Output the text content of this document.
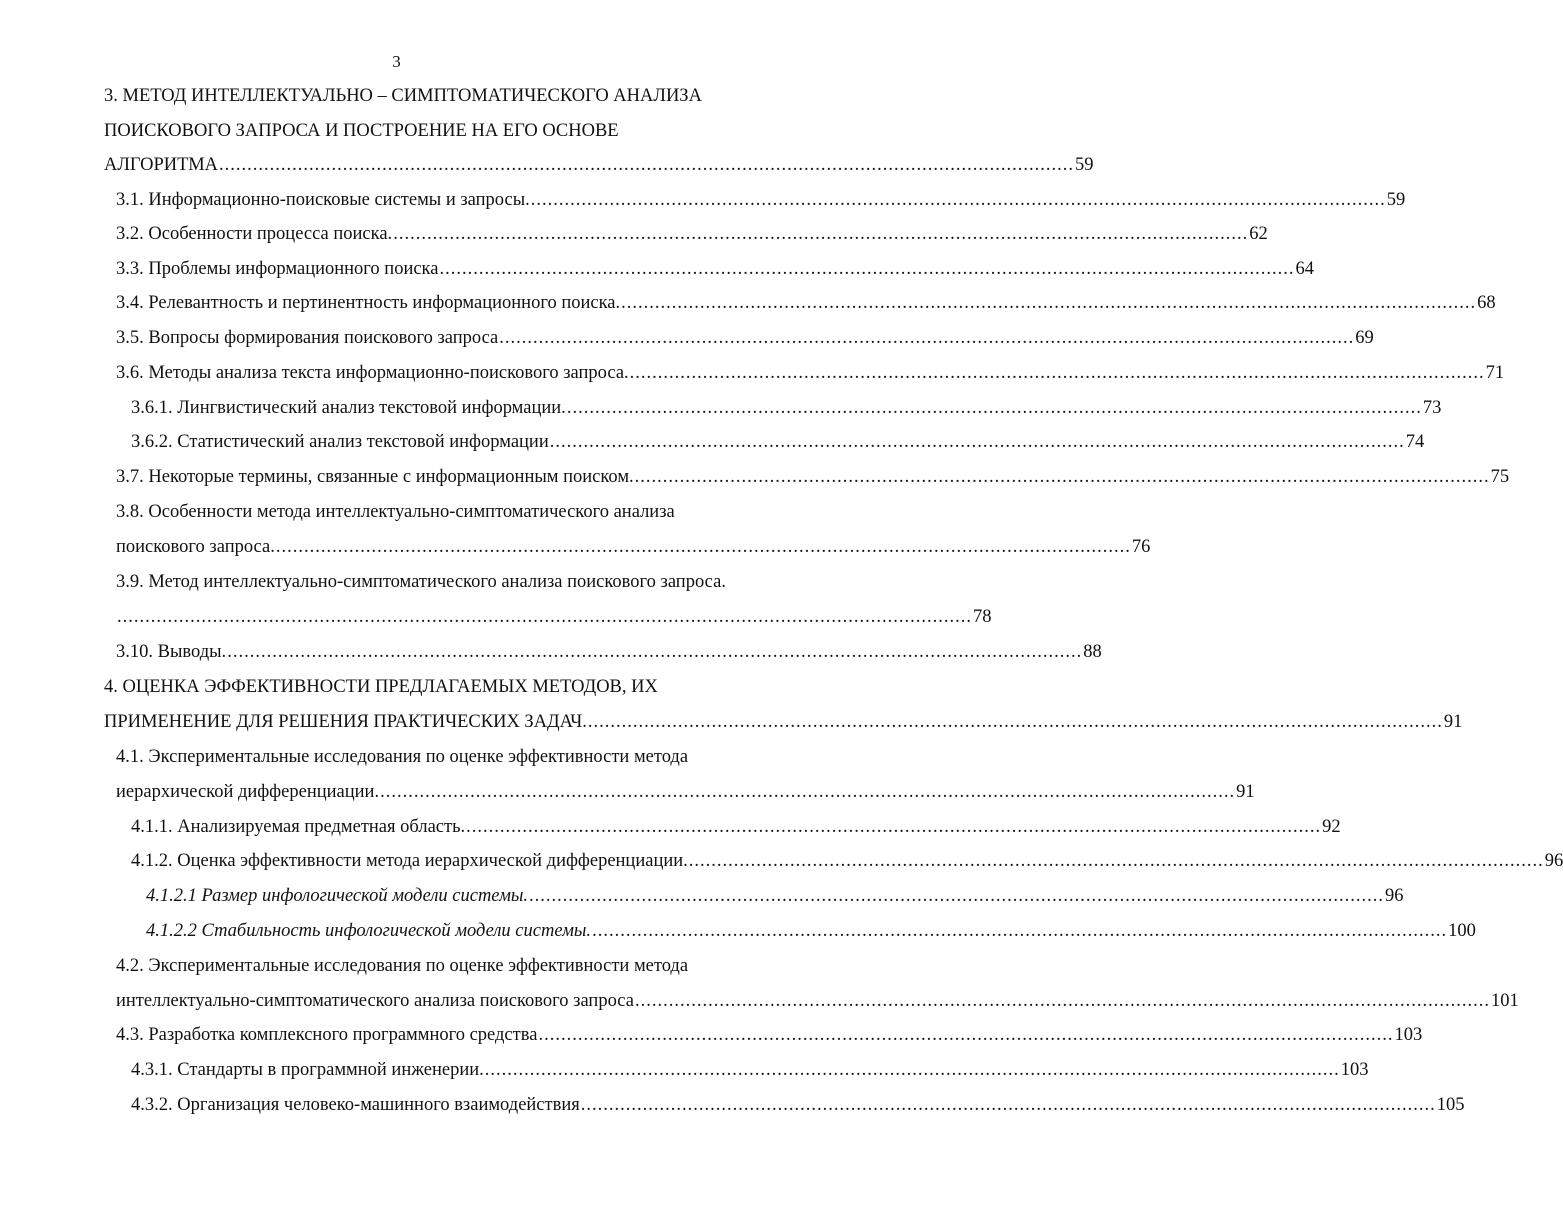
3
3. МЕТОД ИНТЕЛЛЕКТУАЛЬНО – СИМПТОМАТИЧЕСКОГО АНАЛИЗА
ПОИСКОВОГО ЗАПРОСА И ПОСТРОЕНИЕ НА ЕГО ОСНОВЕ
АЛГОРИТМА ........................................................................................................................................................ 59
3.1. Информационно-поисковые системы и запросы. ........................................................................................................................................................ 59
3.2. Особенности процесса поиска. ........................................................................................................................................................ 62
3.3. Проблемы информационного поиска ........................................................................................................................................................ 64
3.4. Релевантность и пертинентность информационного поиска. ........................................................................................................................................................ 68
3.5. Вопросы формирования поискового запроса ........................................................................................................................................................ 69
3.6. Методы анализа текста информационно-поискового запроса. ........................................................................................................................................................ 71
3.6.1. Лингвистический анализ текстовой информации. ........................................................................................................................................................ 73
3.6.2. Статистический анализ текстовой информации ........................................................................................................................................................ 74
3.7. Некоторые термины, связанные с информационным поиском. ........................................................................................................................................................ 75
3.8. Особенности метода интеллектуально-симптоматического анализа
поискового запроса. ........................................................................................................................................................ 76
3.9. Метод интеллектуально-симптоматического анализа поискового запроса.
........................................................................................................................................................ 78
3.10. Выводы. ........................................................................................................................................................ 88
4. ОЦЕНКА ЭФФЕКТИВНОСТИ ПРЕДЛАГАЕМЫХ МЕТОДОВ, ИХ
ПРИМЕНЕНИЕ ДЛЯ РЕШЕНИЯ ПРАКТИЧЕСКИХ ЗАДАЧ. ........................................................................................................................................................ 91
4.1. Экспериментальные исследования по оценке эффективности метода
иерархической дифференциации. ........................................................................................................................................................ 91
4.1.1. Анализируемая предметная область. ........................................................................................................................................................ 92
4.1.2. Оценка эффективности метода иерархической дифференциации. ........................................................................................................................................................ 96
4.1.2.1 Размер инфологической модели системы. ........................................................................................................................................................ 96
4.1.2.2 Стабильность инфологической модели системы. ........................................................................................................................................................ 100
4.2. Экспериментальные исследования по оценке эффективности метода
интеллектуально-симптоматического анализа поискового запроса ........................................................................................................................................................ 101
4.3. Разработка комплексного программного средства ........................................................................................................................................................ 103
4.3.1. Стандарты в программной инженерии. ........................................................................................................................................................ 103
4.3.2. Организация человеко-машинного взаимодействия ........................................................................................................................................................ 105
